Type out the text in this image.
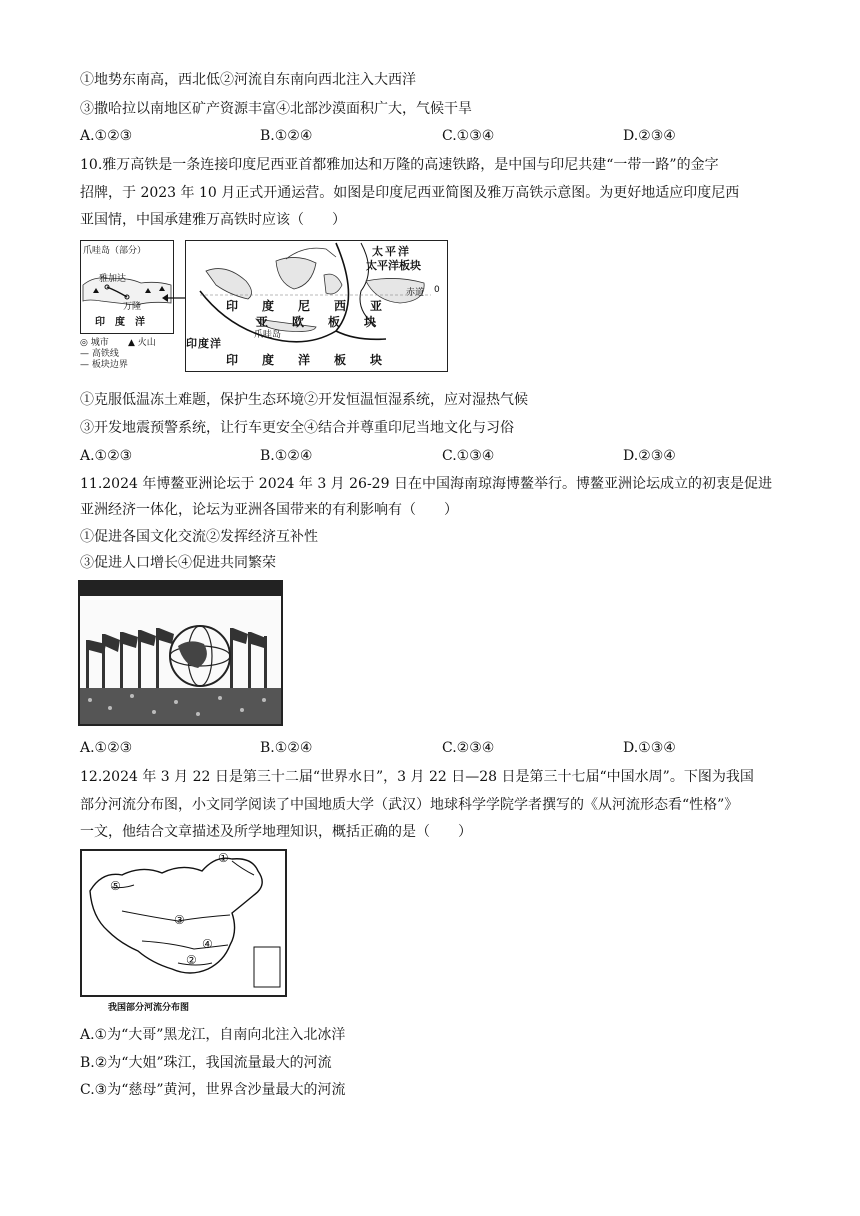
①地势东南高，西北低②河流自东南向西北注入大西洋
③撒哈拉以南地区矿产资源丰富④北部沙漠面积广大，气候干旱
A.①②③	B.①②④	C.①③④	D.②③④
10.雅万高铁是一条连接印度尼西亚首都雅加达和万隆的高速铁路，是中国与印尼共建“一带一路”的金字
招牌，于 2023 年 10 月正式开通运营。如图是印度尼西亚简图及雅万高铁示意图。为更好地适应印度尼西
亚国情，中国承建雅万高铁时应该（　　）
爪哇岛（部分）
雅加达
万隆
印　度　洋
◎ 城市 ▲ 火山
— 高铁线
— 板块边界
太平洋
太平洋板块
赤道 0
印　度　尼　西　亚
亚　欧　板　块
爪哇岛
印度洋
印　度　洋　板　块
①克服低温冻土难题，保护生态环境②开发恒温恒湿系统，应对湿热气候
③开发地震预警系统，让行车更安全④结合并尊重印尼当地文化与习俗
A.①②③	B.①②④	C.①③④	D.②③④
11.2024 年博鳌亚洲论坛于 2024 年 3 月 26-29 日在中国海南琼海博鳌举行。博鳌亚洲论坛成立的初衷是促进
亚洲经济一体化，论坛为亚洲各国带来的有利影响有（　　）
①促进各国文化交流②发挥经济互补性
③促进人口增长④促进共同繁荣
A.①②③	B.①②④	C.②③④	D.①③④
12.2024 年 3 月 22 日是第三十二届“世界水日”，3 月 22 日—28 日是第三十七届“中国水周”。下图为我国
部分河流分布图，小文同学阅读了中国地质大学（武汉）地球科学学院学者撰写的《从河流形态看“性格”》
一文，他结合文章描述及所学地理知识，概括正确的是（　　）
①
②
③
④
⑤
我国部分河流分布图
A.①为“大哥”黑龙江，自南向北注入北冰洋
B.②为“大姐”珠江，我国流量最大的河流
C.③为“慈母”黄河，世界含沙量最大的河流
